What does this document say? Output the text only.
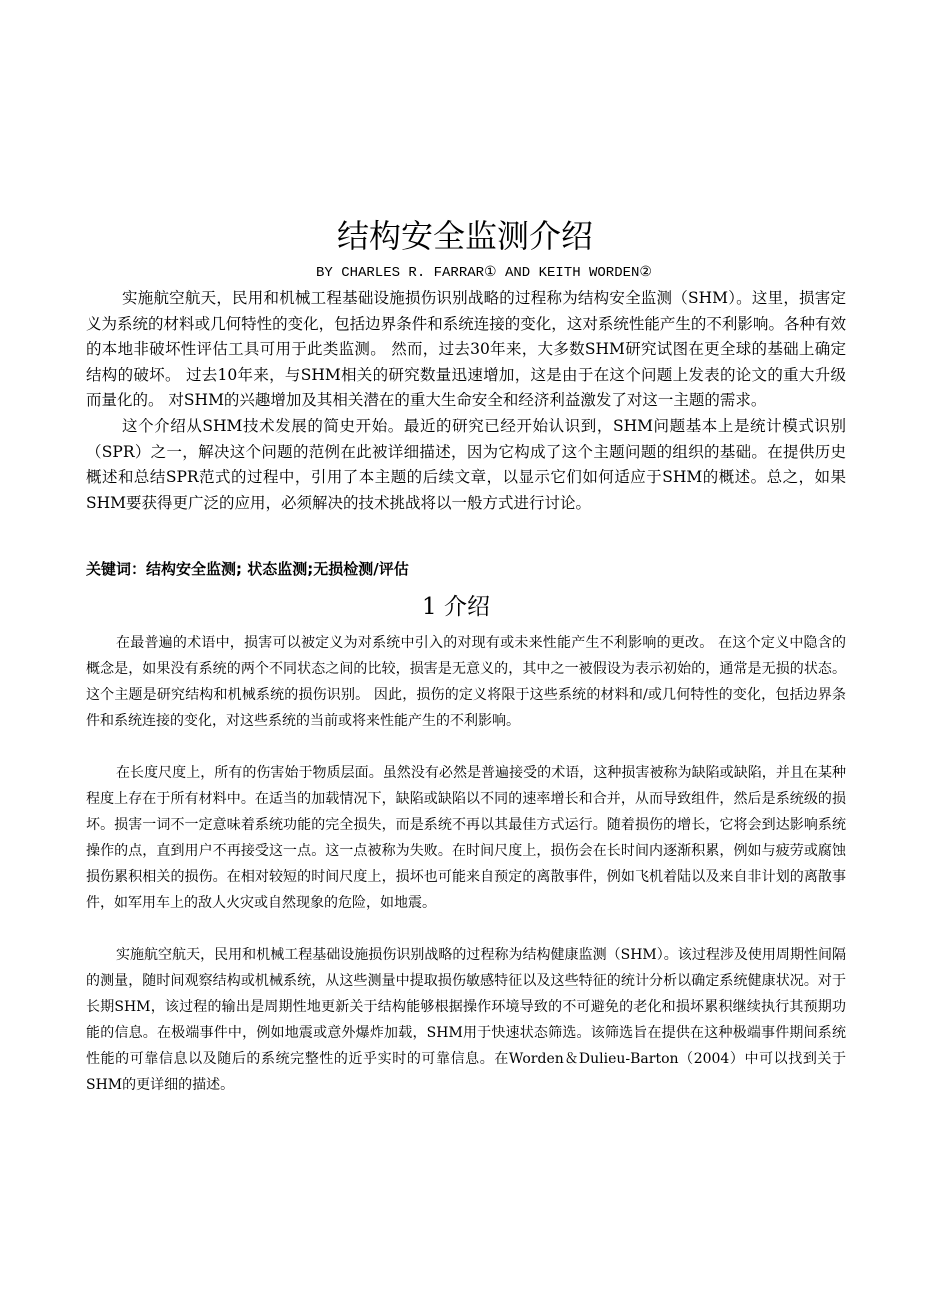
结构安全监测介绍
BY CHARLES R. FARRAR① AND KEITH WORDEN②

实施航空航天，民用和机械工程基础设施损伤识别战略的过程称为结构安全监测（SHM）。这里，损害定义为系统的材料或几何特性的变化，包括边界条件和系统连接的变化，这对系统性能产生的不利影响。各种有效的本地非破坏性评估工具可用于此类监测。 然而，过去30年来，大多数SHM研究试图在更全球的基础上确定结构的破坏。 过去10年来，与SHM相关的研究数量迅速增加，这是由于在这个问题上发表的论文的重大升级而量化的。 对SHM的兴趣增加及其相关潜在的重大生命安全和经济利益激发了对这一主题的需求。

这个介绍从SHM技术发展的简史开始。最近的研究已经开始认识到，SHM问题基本上是统计模式识别（SPR）之一，解决这个问题的范例在此被详细描述，因为它构成了这个主题问题的组织的基础。在提供历史概述和总结SPR范式的过程中，引用了本主题的后续文章，以显示它们如何适应于SHM的概述。总之，如果SHM要获得更广泛的应用，必须解决的技术挑战将以一般方式进行讨论。

关键词：结构安全监测; 状态监测;无损检测/评估
1 介绍

在最普遍的术语中，损害可以被定义为对系统中引入的对现有或未来性能产生不利影响的更改。 在这个定义中隐含的概念是，如果没有系统的两个不同状态之间的比较，损害是无意义的，其中之一被假设为表示初始的，通常是无损的状态。 这个主题是研究结构和机械系统的损伤识别。 因此，损伤的定义将限于这些系统的材料和/或几何特性的变化，包括边界条件和系统连接的变化，对这些系统的当前或将来性能产生的不利影响。

在长度尺度上，所有的伤害始于物质层面。虽然没有必然是普遍接受的术语，这种损害被称为缺陷或缺陷，并且在某种程度上存在于所有材料中。在适当的加载情况下，缺陷或缺陷以不同的速率增长和合并，从而导致组件，然后是系统级的损坏。损害一词不一定意味着系统功能的完全损失，而是系统不再以其最佳方式运行。随着损伤的增长，它将会到达影响系统操作的点，直到用户不再接受这一点。这一点被称为失败。在时间尺度上，损伤会在长时间内逐渐积累，例如与疲劳或腐蚀损伤累积相关的损伤。在相对较短的时间尺度上，损坏也可能来自预定的离散事件，例如飞机着陆以及来自非计划的离散事件，如军用车上的敌人火灾或自然现象的危险，如地震。

实施航空航天，民用和机械工程基础设施损伤识别战略的过程称为结构健康监测（SHM）。该过程涉及使用周期性间隔的测量，随时间观察结构或机械系统，从这些测量中提取损伤敏感特征以及这些特征的统计分析以确定系统健康状况。对于长期SHM，该过程的输出是周期性地更新关于结构能够根据操作环境导致的不可避免的老化和损坏累积继续执行其预期功能的信息。在极端事件中，例如地震或意外爆炸加载，SHM用于快速状态筛选。该筛选旨在提供在这种极端事件期间系统性能的可靠信息以及随后的系统完整性的近乎实时的可靠信息。在Worden＆Dulieu-Barton（2004）中可以找到关于SHM的更详细的描述。
